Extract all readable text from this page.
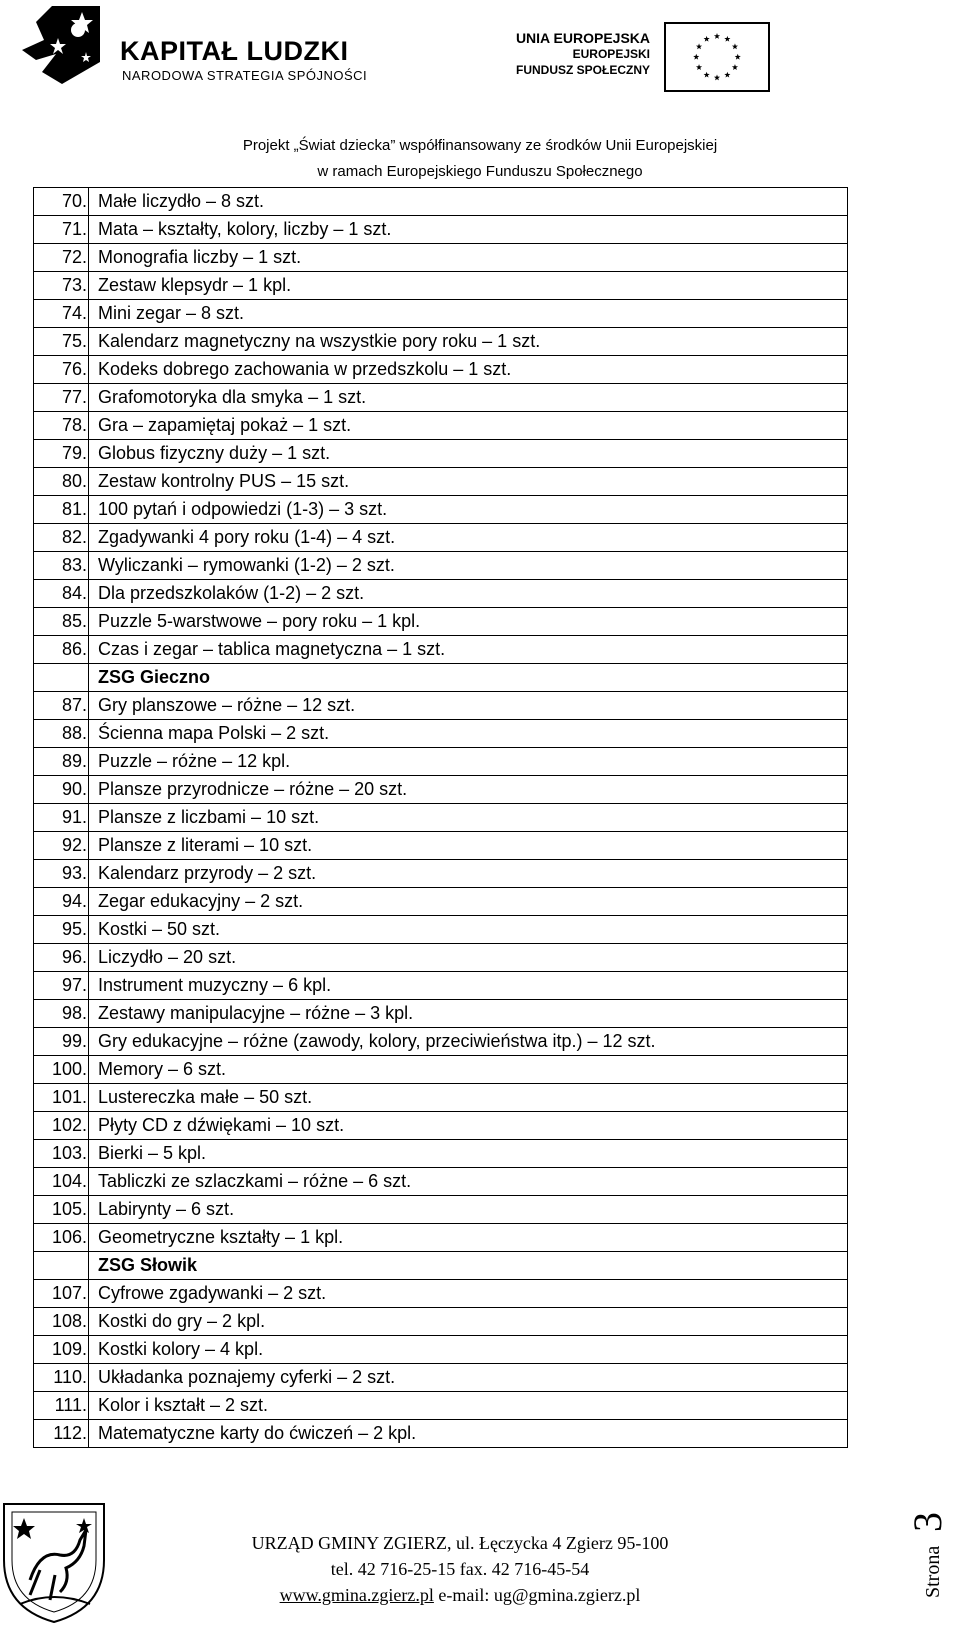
KAPITAŁ LUDZKI
NARODOWA STRATEGIA SPÓJNOŚCI
UNIA EUROPEJSKA
EUROPEJSKI
FUNDUSZ SPOŁECZNY
Projekt „Świat dziecka” współfinansowany ze środków Unii Europejskiej
w ramach Europejskiego Funduszu Społecznego
70.	Małe liczydło – 8 szt.
71.	Mata – kształty, kolory, liczby – 1 szt.
72.	Monografia liczby – 1 szt.
73.	Zestaw klepsydr – 1 kpl.
74.	Mini zegar – 8 szt.
75.	Kalendarz magnetyczny na wszystkie pory roku – 1 szt.
76.	Kodeks dobrego zachowania w przedszkolu – 1 szt.
77.	Grafomotoryka dla smyka – 1 szt.
78.	Gra – zapamiętaj pokaż – 1 szt.
79.	Globus fizyczny duży – 1 szt.
80.	Zestaw kontrolny PUS – 15 szt.
81.	100 pytań i odpowiedzi (1-3) – 3 szt.
82.	Zgadywanki 4 pory roku (1-4) – 4 szt.
83.	Wyliczanki – rymowanki (1-2) – 2 szt.
84.	Dla przedszkolaków (1-2) – 2 szt.
85.	Puzzle 5-warstwowe – pory roku – 1 kpl.
86.	Czas i zegar – tablica magnetyczna – 1 szt.
	ZSG Gieczno
87.	Gry planszowe – różne – 12 szt.
88.	Ścienna mapa Polski – 2 szt.
89.	Puzzle – różne – 12 kpl.
90.	Plansze przyrodnicze – różne – 20 szt.
91.	Plansze z liczbami – 10 szt.
92.	Plansze z literami – 10 szt.
93.	Kalendarz przyrody – 2 szt.
94.	Zegar edukacyjny – 2 szt.
95.	Kostki – 50 szt.
96.	Liczydło – 20 szt.
97.	Instrument muzyczny – 6 kpl.
98.	Zestawy manipulacyjne – różne – 3 kpl.
99.	Gry edukacyjne – różne (zawody, kolory, przeciwieństwa itp.) – 12 szt.
100.	Memory – 6 szt.
101.	Lustereczka małe – 50 szt.
102.	Płyty CD z dźwiękami – 10 szt.
103.	Bierki – 5 kpl.
104.	Tabliczki ze szlaczkami – różne – 6 szt.
105.	Labirynty – 6 szt.
106.	Geometryczne kształty – 1 kpl.
	ZSG Słowik
107.	Cyfrowe zgadywanki – 2 szt.
108.	Kostki do gry – 2 kpl.
109.	Kostki kolory – 4 kpl.
110.	Układanka poznajemy cyferki – 2 szt.
111.	Kolor i kształt – 2 szt.
112.	Matematyczne karty do ćwiczeń – 2 kpl.
Strona
3
URZĄD GMINY ZGIERZ, ul. Łęczycka 4 Zgierz 95-100
tel. 42 716-25-15 fax. 42 716-45-54
www.gmina.zgierz.pl e-mail: ug@gmina.zgierz.pl
